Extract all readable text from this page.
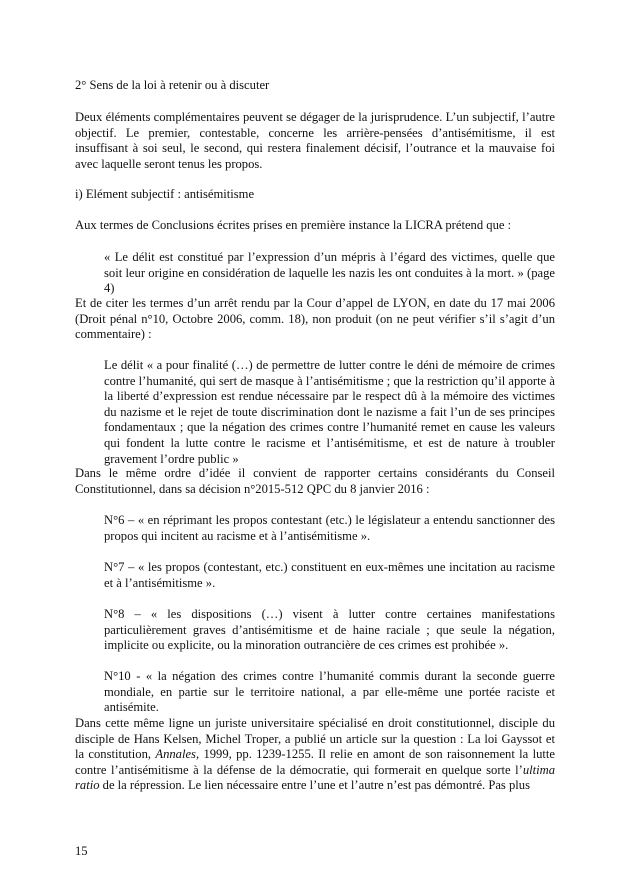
2° Sens de la loi à retenir ou à discuter

Deux éléments complémentaires peuvent se dégager de la jurisprudence. L’un subjectif, l’autre objectif. Le premier, contestable, concerne les arrière-pensées d’antisémitisme, il est insuffisant à soi seul, le second, qui restera finalement décisif, l’outrance et la mauvaise foi avec laquelle seront tenus les propos.

i) Elément subjectif : antisémitisme

Aux termes de Conclusions écrites prises en première instance la LICRA prétend que :

« Le délit est constitué par l’expression d’un mépris à l’égard des victimes, quelle que soit leur origine en considération de laquelle les nazis les ont conduites à la mort. » (page 4)

Et de citer les termes d’un arrêt rendu par la Cour d’appel de LYON, en date du 17 mai 2006 (Droit pénal n°10, Octobre 2006, comm. 18), non produit (on ne peut vérifier s’il s’agit d’un commentaire) :

Le délit « a pour finalité (…) de permettre de lutter contre le déni de mémoire de crimes contre l’humanité, qui sert de masque à l’antisémitisme ; que la restriction qu’il apporte à la liberté d’expression est rendue nécessaire par le respect dû à la mémoire des victimes du nazisme et le rejet de toute discrimination dont le nazisme a fait l’un de ses principes fondamentaux ; que la négation des crimes contre l’humanité remet en cause les valeurs qui fondent la lutte contre le racisme et l’antisémitisme, et est de nature à troubler gravement l’ordre public »

Dans le même ordre d’idée il convient de rapporter certains considérants du Conseil Constitutionnel, dans sa décision n°2015-512 QPC du 8 janvier 2016 :

N°6 – « en réprimant les propos contestant (etc.) le législateur a entendu sanctionner des propos qui incitent au racisme et à l’antisémitisme ».

N°7 – « les propos (contestant, etc.) constituent en eux-mêmes une incitation au racisme et à l’antisémitisme ».

N°8 – « les dispositions (…) visent à lutter contre certaines manifestations particulièrement graves d’antisémitisme et de haine raciale ; que seule la négation, implicite ou explicite, ou la minoration outrancière de ces crimes est prohibée ».

N°10 - « la négation des crimes contre l’humanité commis durant la seconde guerre mondiale, en partie sur le territoire national, a par elle-même une portée raciste et antisémite.

Dans cette même ligne un juriste universitaire spécialisé en droit constitutionnel, disciple du disciple de Hans Kelsen, Michel Troper, a publié un article sur la question : La loi Gayssot et la constitution, Annales, 1999, pp. 1239-1255. Il relie en amont de son raisonnement la lutte contre l’antisémitisme à la défense de la démocratie, qui formerait en quelque sorte l’ultima ratio de la répression. Le lien nécessaire entre l’une et l’autre n’est pas démontré. Pas plus

15
